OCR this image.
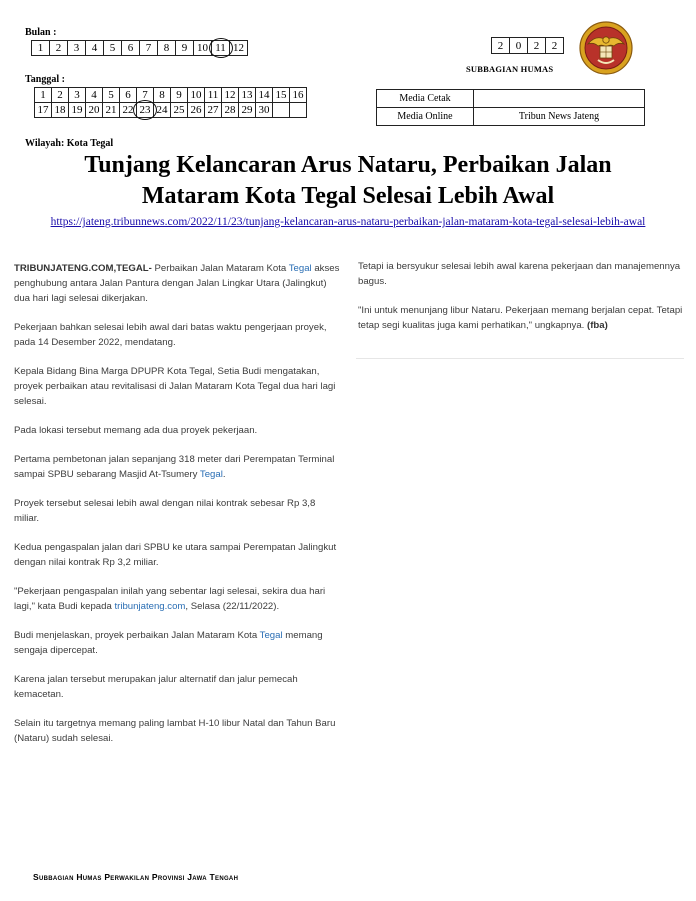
Bulan :
1	2	3	4	5	6	7	8	9	10	11	12
Tanggal :
1	2	3	4	5	6	7	8	9	10	11	12	13	14	15	16
17	18	19	20	21	22	23	24	25	26	27	28	29	30		
2	0	2	2
SUBBAGIAN HUMAS
Media Cetak	
Media Online	Tribun News Jateng
Wilayah: Kota Tegal
Tunjang Kelancaran Arus Nataru, Perbaikan Jalan Mataram Kota Tegal Selesai Lebih Awal
https://jateng.tribunnews.com/2022/11/23/tunjang-kelancaran-arus-nataru-perbaikan-jalan-mataram-kota-tegal-selesai-lebih-awal

TRIBUNJATENG.COM,TEGAL- Perbaikan Jalan Mataram Kota Tegal akses penghubung antara Jalan Pantura dengan Jalan Lingkar Utara (Jalingkut) dua hari lagi selesai dikerjakan.

Pekerjaan bahkan selesai lebih awal dari batas waktu pengerjaan proyek, pada 14 Desember 2022, mendatang.

Kepala Bidang Bina Marga DPUPR Kota Tegal, Setia Budi mengatakan, proyek perbaikan atau revitalisasi di Jalan Mataram Kota Tegal dua hari lagi selesai.

Pada lokasi tersebut memang ada dua proyek pekerjaan.

Pertama pembetonan jalan sepanjang 318 meter dari Perempatan Terminal sampai SPBU sebarang Masjid At-Tsumery Tegal.

Proyek tersebut selesai lebih awal dengan nilai kontrak sebesar Rp 3,8 miliar.

Kedua pengaspalan jalan dari SPBU ke utara sampai Perempatan Jalingkut dengan nilai kontrak Rp 3,2 miliar.

"Pekerjaan pengaspalan inilah yang sebentar lagi selesai, sekira dua hari lagi," kata Budi kepada tribunjateng.com, Selasa (22/11/2022).

Budi menjelaskan, proyek perbaikan Jalan Mataram Kota Tegal memang sengaja dipercepat.

Karena jalan tersebut merupakan jalur alternatif dan jalur pemecah kemacetan.

Selain itu targetnya memang paling lambat H-10 libur Natal dan Tahun Baru (Nataru) sudah selesai.

Tetapi ia bersyukur selesai lebih awal karena pekerjaan dan manajemennya bagus.

"Ini untuk menunjang libur Nataru. Pekerjaan memang berjalan cepat. Tetapi tetap segi kualitas juga kami perhatikan," ungkapnya. (fba)

Subbagian Humas Perwakilan Provinsi Jawa Tengah
